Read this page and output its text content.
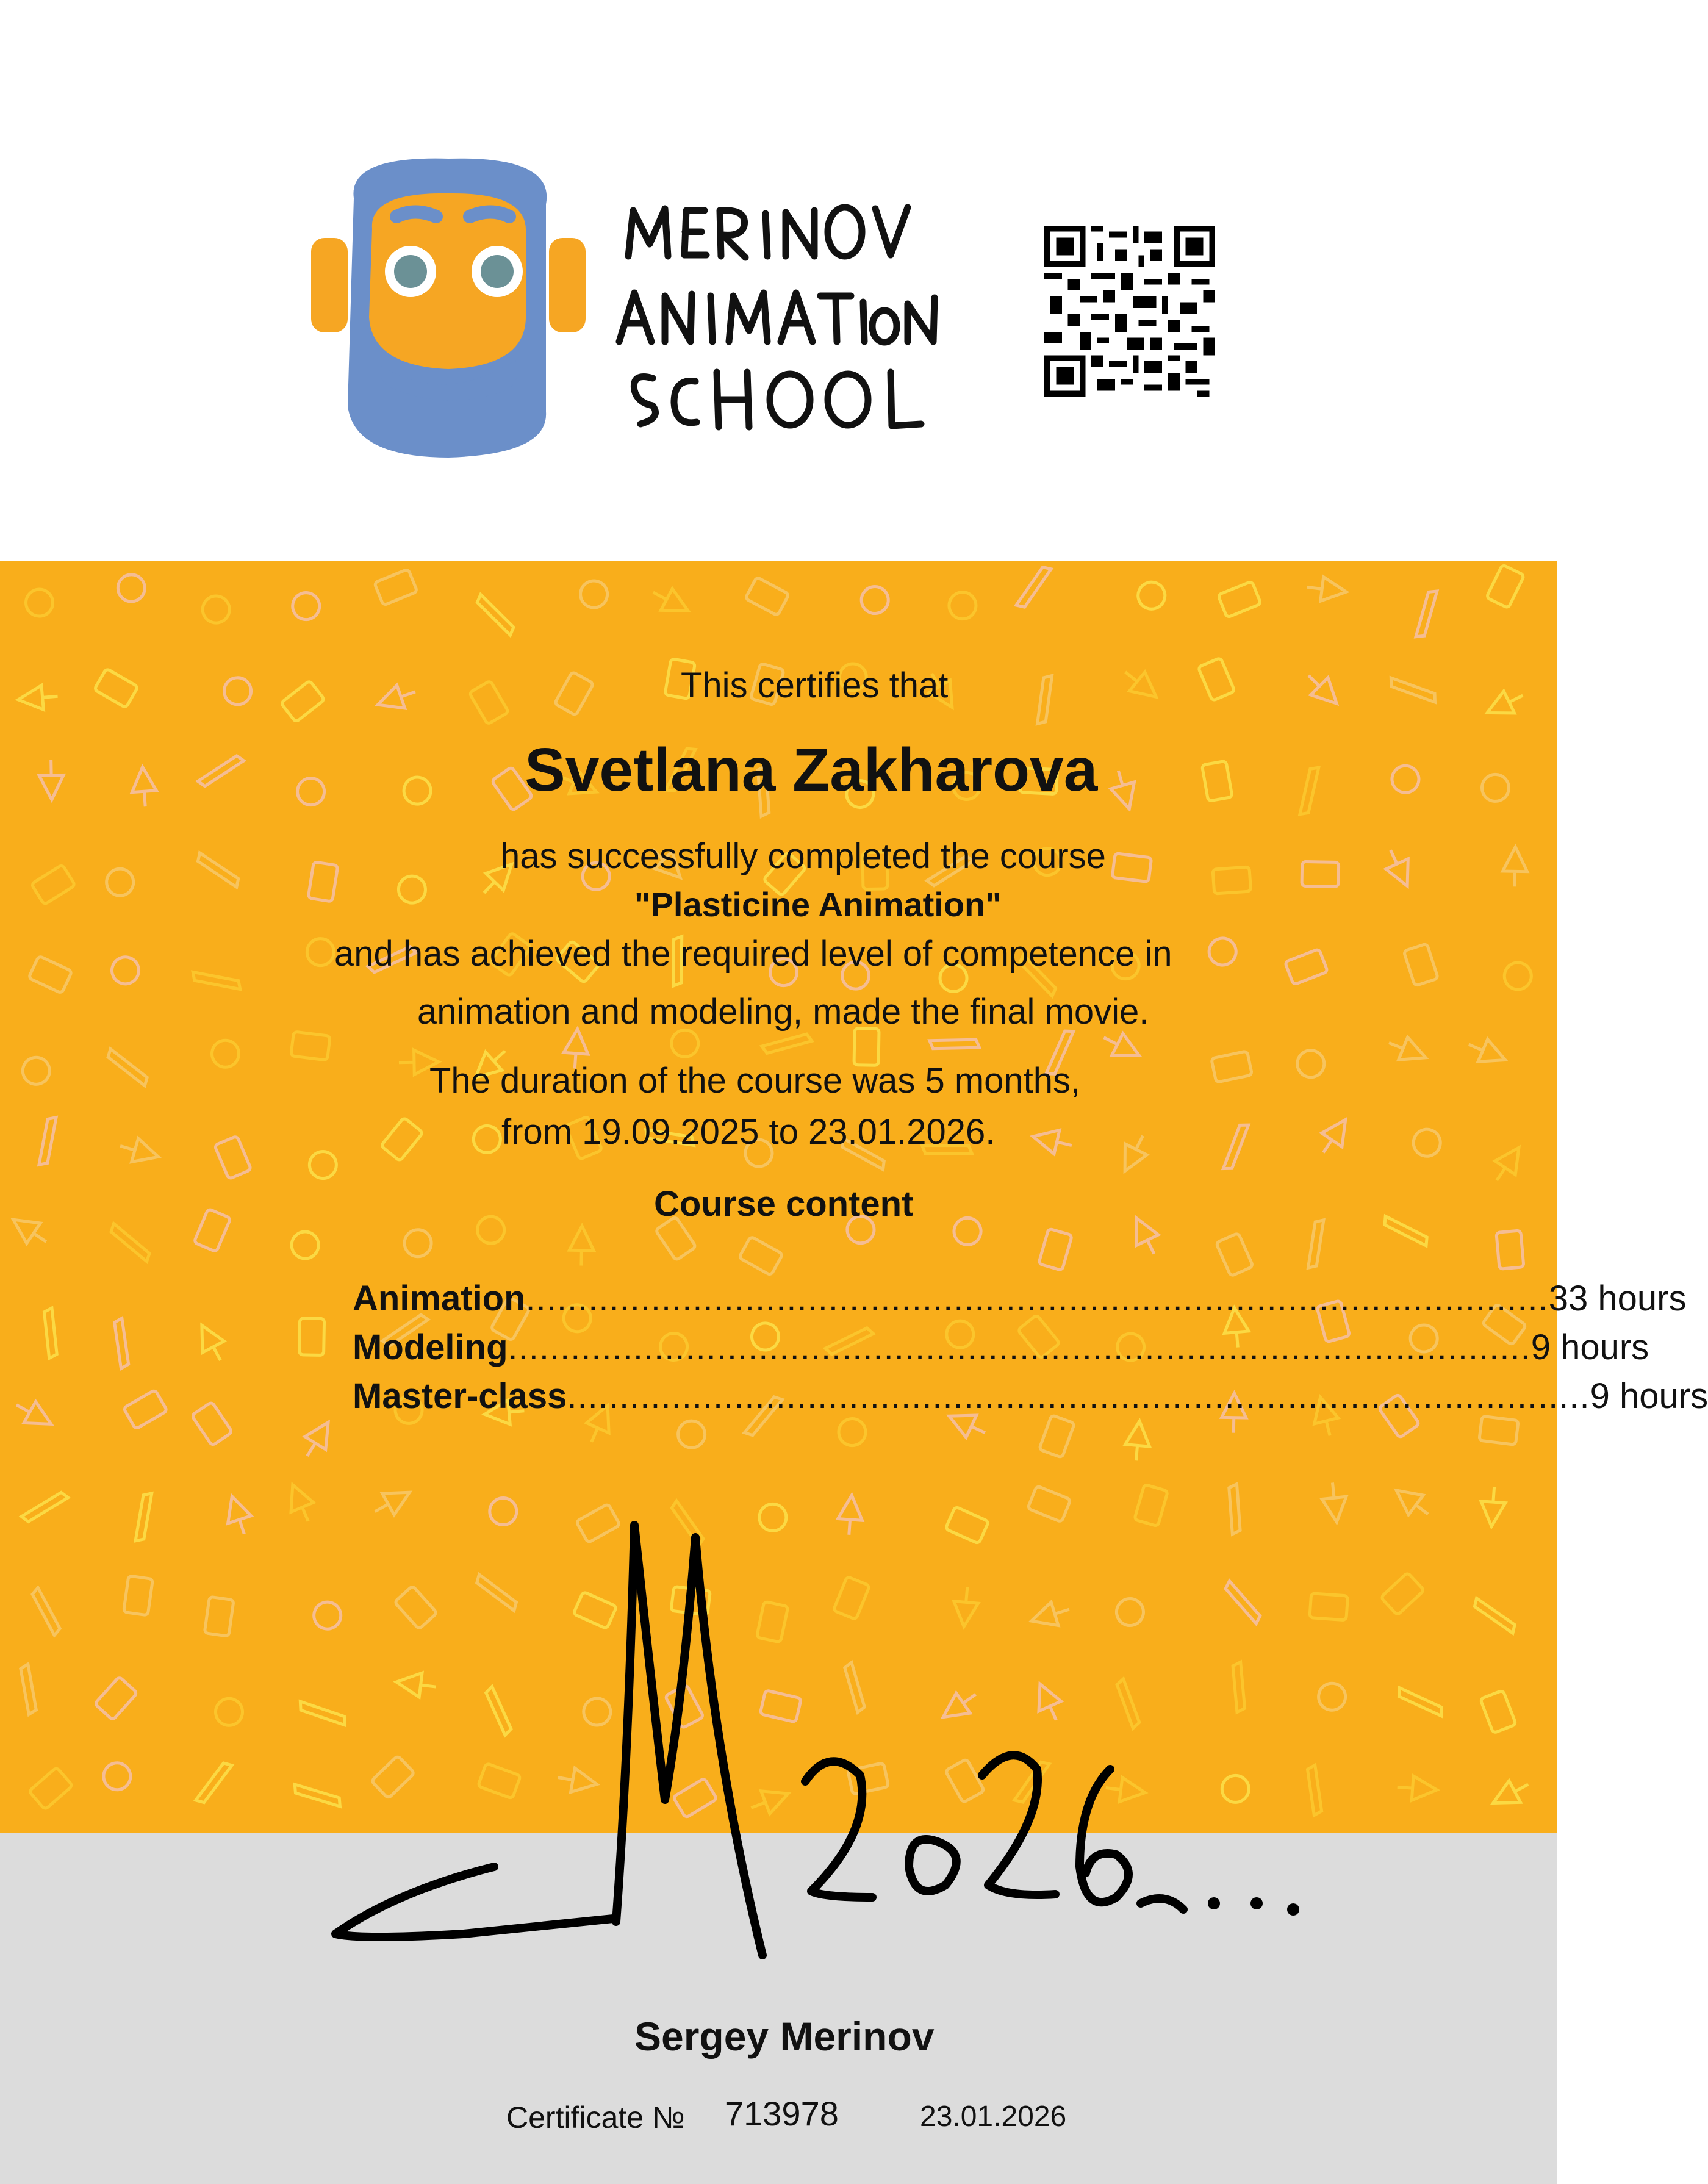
This certifies that

Svetlana Zakharova

has successfully completed the course

"Plasticine Animation"

and has achieved the required level of competence in

animation and modeling, made the final movie.

The duration of the course was 5 months,

from 19.09.2025 to 23.01.2026.

Course content

Animation .................................................................................................. 33 hours
Modeling .................................................................................................. 9 hours
Master-class .................................................................................................. 9 hours

Sergey Merinov

Certificate № 713978	23.01.2026
